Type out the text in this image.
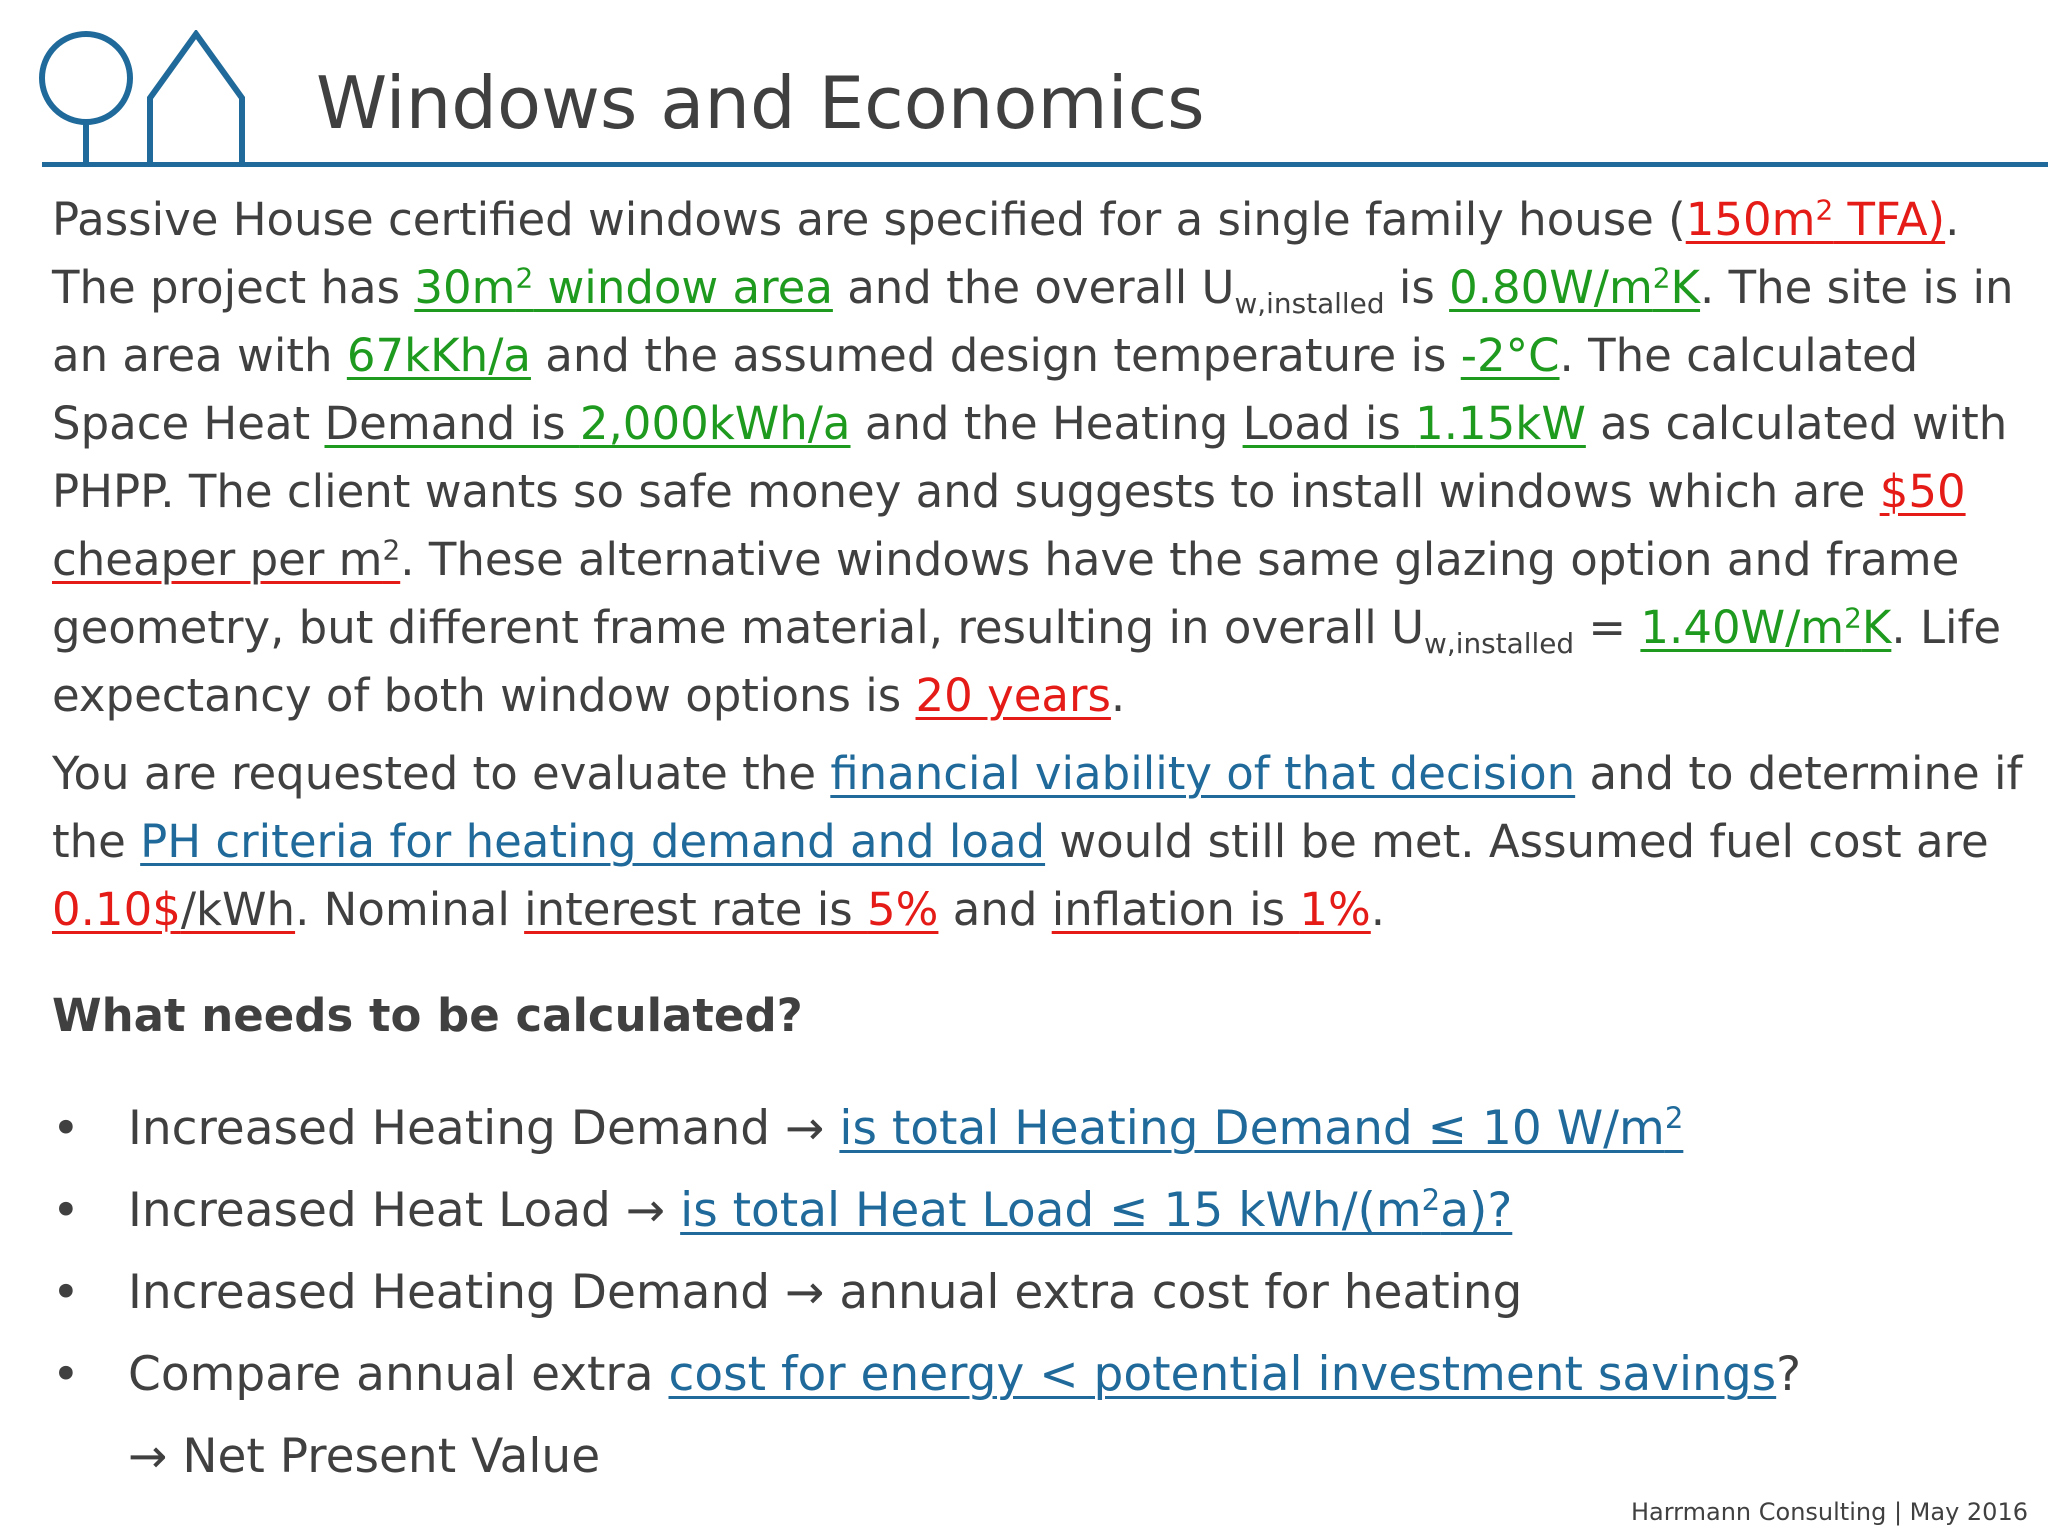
Windows and Economics

Passive House certified windows are specified for a single family house ($150m^2$ TFA). The project has $30m^2$ window area and the overall $U_{w,installed}$ is $0.80W/m^2K$. The site is in an area with 67kKh/a and the assumed design temperature is -2°C. The calculated Space Heat Demand is 2,000kWh/a and the Heating Load is 1.15kW as calculated with PHPP. The client wants so safe money and suggests to install windows which are $50 cheaper per $m^2$. These alternative windows have the same glazing option and frame geometry, but different frame material, resulting in overall $U_{w,installed} = 1.40W/m^2K$. Life expectancy of both window options is 20 years.

You are requested to evaluate the financial viability of that decision and to determine if the PH criteria for heating demand and load would still be met. Assumed fuel cost are 0.10$/kWh. Nominal interest rate is 5% and inflation is 1%.

What needs to be calculated?
• Increased Heating Demand → is total Heating Demand ≤ 10 $W/m^2$
• Increased Heat Load → is total Heat Load ≤ 15 kWh/$(m^2a)$?
• Increased Heating Demand → annual extra cost for heating
• Compare annual extra cost for energy < potential investment savings?
→ Net Present Value
Harrmann Consulting | May 2016
